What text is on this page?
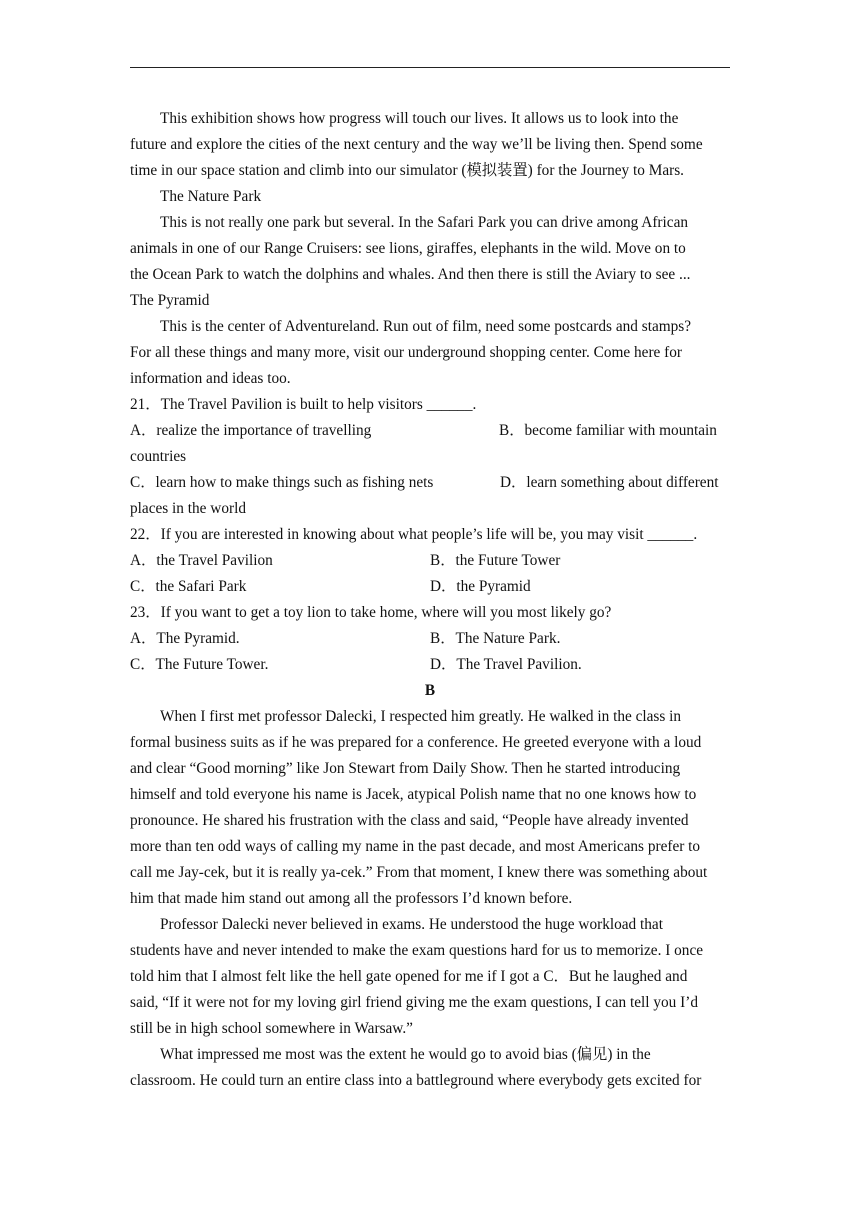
This exhibition shows how progress will touch our lives. It allows us to look into the
future and explore the cities of the next century and the way we’ll be living then. Spend some
time in our space station and climb into our simulator (模拟装置) for the Journey to Mars.
The Nature Park
This is not really one park but several. In the Safari Park you can drive among African
animals in one of our Range Cruisers: see lions, giraffes, elephants in the wild. Move on to
the Ocean Park to watch the dolphins and whales. And then there is still the Aviary to see ...
The Pyramid
This is the center of Adventureland. Run out of film, need some postcards and stamps?
For all these things and many more, visit our underground shopping center. Come here for
information and ideas too.
21．The Travel Pavilion is built to help visitors ______.
A．realize the importance of travelling	B．become familiar with mountain
countries
C．learn how to make things such as fishing nets	D．learn something about different
places in the world
22．If you are interested in knowing about what people’s life will be, you may visit ______.
A．the Travel Pavilion	B．the Future Tower
C．the Safari Park	D．the Pyramid
23．If you want to get a toy lion to take home, where will you most likely go?
A．The Pyramid.	B．The Nature Park.
C．The Future Tower.	D．The Travel Pavilion.
B
When I first met professor Dalecki, I respected him greatly. He walked in the class in
formal business suits as if he was prepared for a conference. He greeted everyone with a loud
and clear “Good morning” like Jon Stewart from Daily Show. Then he started introducing
himself and told everyone his name is Jacek, atypical Polish name that no one knows how to
pronounce. He shared his frustration with the class and said, “People have already invented
more than ten odd ways of calling my name in the past decade, and most Americans prefer to
call me Jay-cek, but it is really ya-cek.” From that moment, I knew there was something about
him that made him stand out among all the professors I’d known before.
Professor Dalecki never believed in exams. He understood the huge workload that
students have and never intended to make the exam questions hard for us to memorize. I once
told him that I almost felt like the hell gate opened for me if I got a C．But he laughed and
said, “If it were not for my loving girl friend giving me the exam questions, I can tell you I’d
still be in high school somewhere in Warsaw.”
What impressed me most was the extent he would go to avoid bias (偏见) in the
classroom. He could turn an entire class into a battleground where everybody gets excited for
